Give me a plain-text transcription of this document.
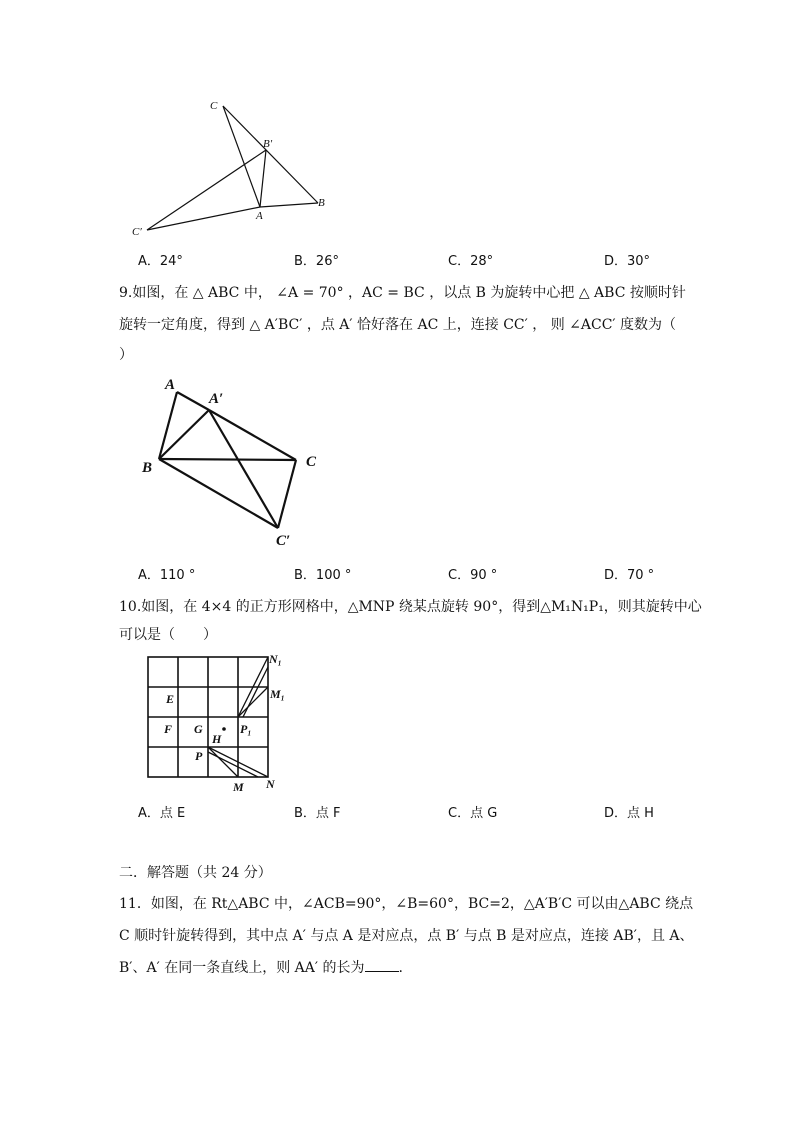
C
B′
C′
A
B
A．24°	B．26°	C．28°	D．30°
9.如图，在 △ ABC 中， ∠A = 70° ，AC = BC ，以点 B 为旋转中心把 △ ABC 按顺时针
旋转一定角度，得到 △ A′BC′ ，点 A′ 恰好落在 AC 上，连接 CC′ ， 则 ∠ACC′ 度数为（
）
A
A′
B	C
C′
A．110 °	B．100 °	C．90 °	D．70 °
10.如图，在 4×4 的正方形网格中，△MNP 绕某点旋转 90°，得到△M₁N₁P₁，则其旋转中心
可以是（　　）
N₁
M₁
E
F G
H
P₁
P
M N
A．点 E	B．点 F	C．点 G	D．点 H
二．解答题（共 24 分）
11．如图，在 Rt△ABC 中，∠ACB=90°，∠B=60°，BC=2，△A′B′C 可以由△ABC 绕点
C 顺时针旋转得到，其中点 A′ 与点 A 是对应点，点 B′ 与点 B 是对应点，连接 AB′，且 A、
B′、A′ 在同一条直线上，则 AA′ 的长为 .
